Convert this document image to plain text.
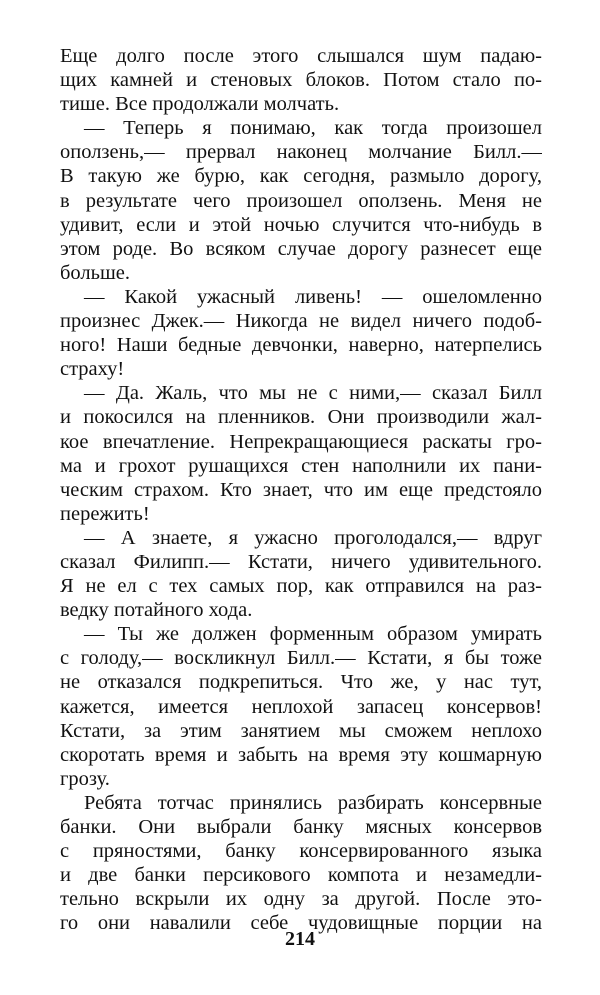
Еще долго после этого слышался шум падаю-
щих камней и стеновых блоков. Потом стало по-
тише. Все продолжали молчать.
— Теперь я понимаю, как тогда произошел
оползень,— прервал наконец молчание Билл.—
В такую же бурю, как сегодня, размыло дорогу,
в результате чего произошел оползень. Меня не
удивит, если и этой ночью случится что-нибудь в
этом роде. Во всяком случае дорогу разнесет еще
больше.
— Какой ужасный ливень! — ошеломленно
произнес Джек.— Никогда не видел ничего подоб-
ного! Наши бедные девчонки, наверно, натерпелись
страху!
— Да. Жаль, что мы не с ними,— сказал Билл
и покосился на пленников. Они производили жал-
кое впечатление. Непрекращающиеся раскаты гро-
ма и грохот рушащихся стен наполнили их пани-
ческим страхом. Кто знает, что им еще предстояло
пережить!
— А знаете, я ужасно проголодался,— вдруг
сказал Филипп.— Кстати, ничего удивительного.
Я не ел с тех самых пор, как отправился на раз-
ведку потайного хода.
— Ты же должен форменным образом умирать
с голоду,— воскликнул Билл.— Кстати, я бы тоже
не отказался подкрепиться. Что же, у нас тут,
кажется, имеется неплохой запасец консервов!
Кстати, за этим занятием мы сможем неплохо
скоротать время и забыть на время эту кошмарную
грозу.
Ребята тотчас принялись разбирать консервные
банки. Они выбрали банку мясных консервов
с пряностями, банку консервированного языка
и две банки персикового компота и незамедли-
тельно вскрыли их одну за другой. После это-
го они навалили себе чудовищные порции на
214
